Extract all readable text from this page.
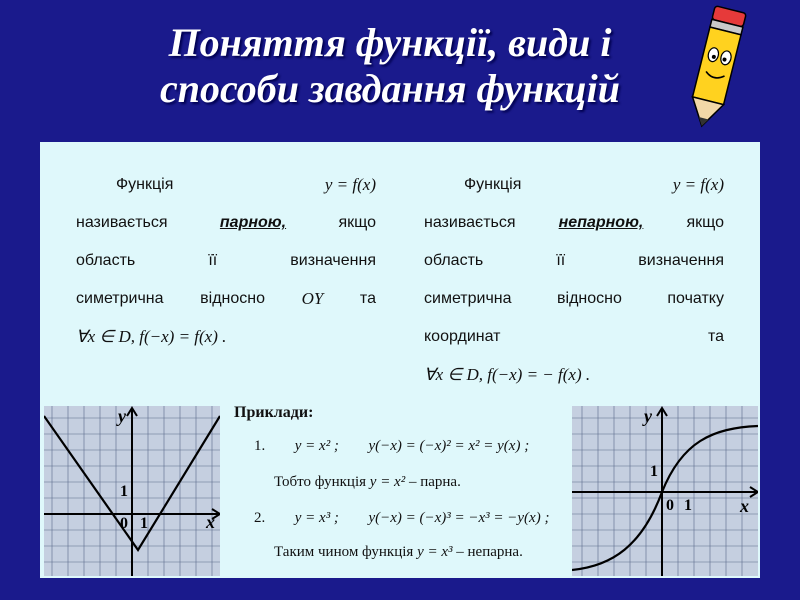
Поняття функції, види і
способи завдання функцій
Функція	y = f(x)
називається	парною,	якщо
область	її	визначення
симетрична відносно OY та
∀x ∈ D, f(−x) = f(x) .
Функція	y = f(x)
називається	непарною,	якщо
область	її	визначення
симетрична	відносно	початку
координат	та
∀x ∈ D, f(−x) = − f(x) .
y
x
0 1
1
Приклади:
1. y = x² ; y(−x) = (−x)² = x² = y(x) ;
Тобто функція y = x² – парна.
2. y = x³ ; y(−x) = (−x)³ = −x³ = −y(x) ;
Таким чином функція y = x³ – непарна.
y
x
0 1
1
